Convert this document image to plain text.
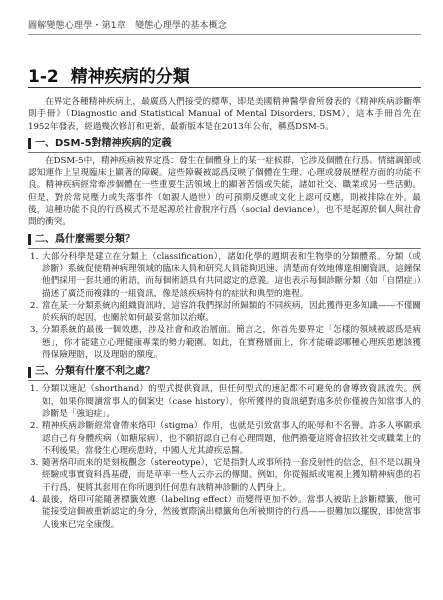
圖解變態心理學・第1章　變態心理學的基本概念
1-2 精神疾病的分類

在界定各種精神疾病上，最廣爲人們接受的標準，即是美國精神醫學會所發表的《精神疾病診斷準則手冊》（Diagnostic and Statistical Manual of Mental Disorders, DSM），這本手冊首先在1952年發表，經過幾次修訂和更新，最新版本是在2013年公布，稱爲DSM-5。

一、DSM-5對精神疾病的定義

在DSM-5中，精神疾病被界定爲：發生在個體身上的某一症候群，它涉及個體在行爲、情緒調節或認知運作上呈現臨床上顯著的障礙。這些障礙被認爲反映了個體在生理、心理或發展歷程方面的功能不良。精神疾病經常牽涉個體在一些重要生活領域上的顯著苦惱或失能，諸如社交、職業或另一些活動。但是，對於常見壓力或失落事件（如親人過世）的可預期反應或文化上認可反應，則被排除在外。最後，這種功能不良的行爲模式不是起源於社會脫序行爲（social deviance），也不是起源於個人與社會間的衝突。

二、爲什麼需要分類？
1. 大部分科學是建立在分類上（classification），諸如化學的週期表和生物學的分類體系。分類（或診斷）系統促使精神病理領域的臨床人員和研究人員能夠迅速、清楚而有效地傳達相關資訊。這鐘保他們採用一套共通的術語，而每個術語具有共同認定的意義。這也表示每個診斷分類（如「自閉症」）描述了廣泛而複雜的一組資訊，像是該疾病特有的症狀和典型的進程。
2. 當在某一分類系統內組織資訊時，這容許我們探討所歸類的不同疾病，因此獲得更多知識——不僅關於疾病的起因，也關於如何最妥當加以治療。
3. 分類系統的最後一個效應，涉及社會和政治層面。簡言之，你首先要界定「怎樣的領域被認爲是病態」，你才能建立心理健康專業的勢力範圍。如此，在實務層面上，你才能確認哪種心理疾患應該獲得保險理賠，以及理賠的額度。
三、分類有什麼不利之處？
1. 分類以速記（shorthand）的型式提供資訊，但任何型式的速記都不可避免的會導致資訊流失。例如，如果你閱讀當事人的個案史（case history），你所獲得的資訊絕對遠多於你僅被告知當事人的診斷是「強迫症」。
2. 精神疾病診斷經常會帶來烙印（stigma）作用，也就是引致當事人的恥辱和不名譽。許多人寧願承認自己有身體疾病（如糖尿病），也不願招認自己有心理問題，他們擔憂這將會招致社交或職業上的不利後果。當發生心理疾患時，中國人尤其諱疾忌醫。
3. 隨著烙印而來的是刻板觀念（stereotype），它是指對人或事所持一套反射性的信念，但不是以親身經驗或事實資料爲基礎，而是草率一些人云亦云的傳聞。例如，你從報紙或電視上獲知精神病患的若干行爲，便將其套用在你所遇到任何患有該精神診斷的人們身上。
4. 最後，烙印可能隨著標籤效應（labeling effect）而變得更加不妙。當事人被貼上診斷標籤，他可能接受這個被重新認定的身分，然後實際演出標籤角色所被期待的行爲——很難加以擺脫，即使當事人後來已完全康復。
